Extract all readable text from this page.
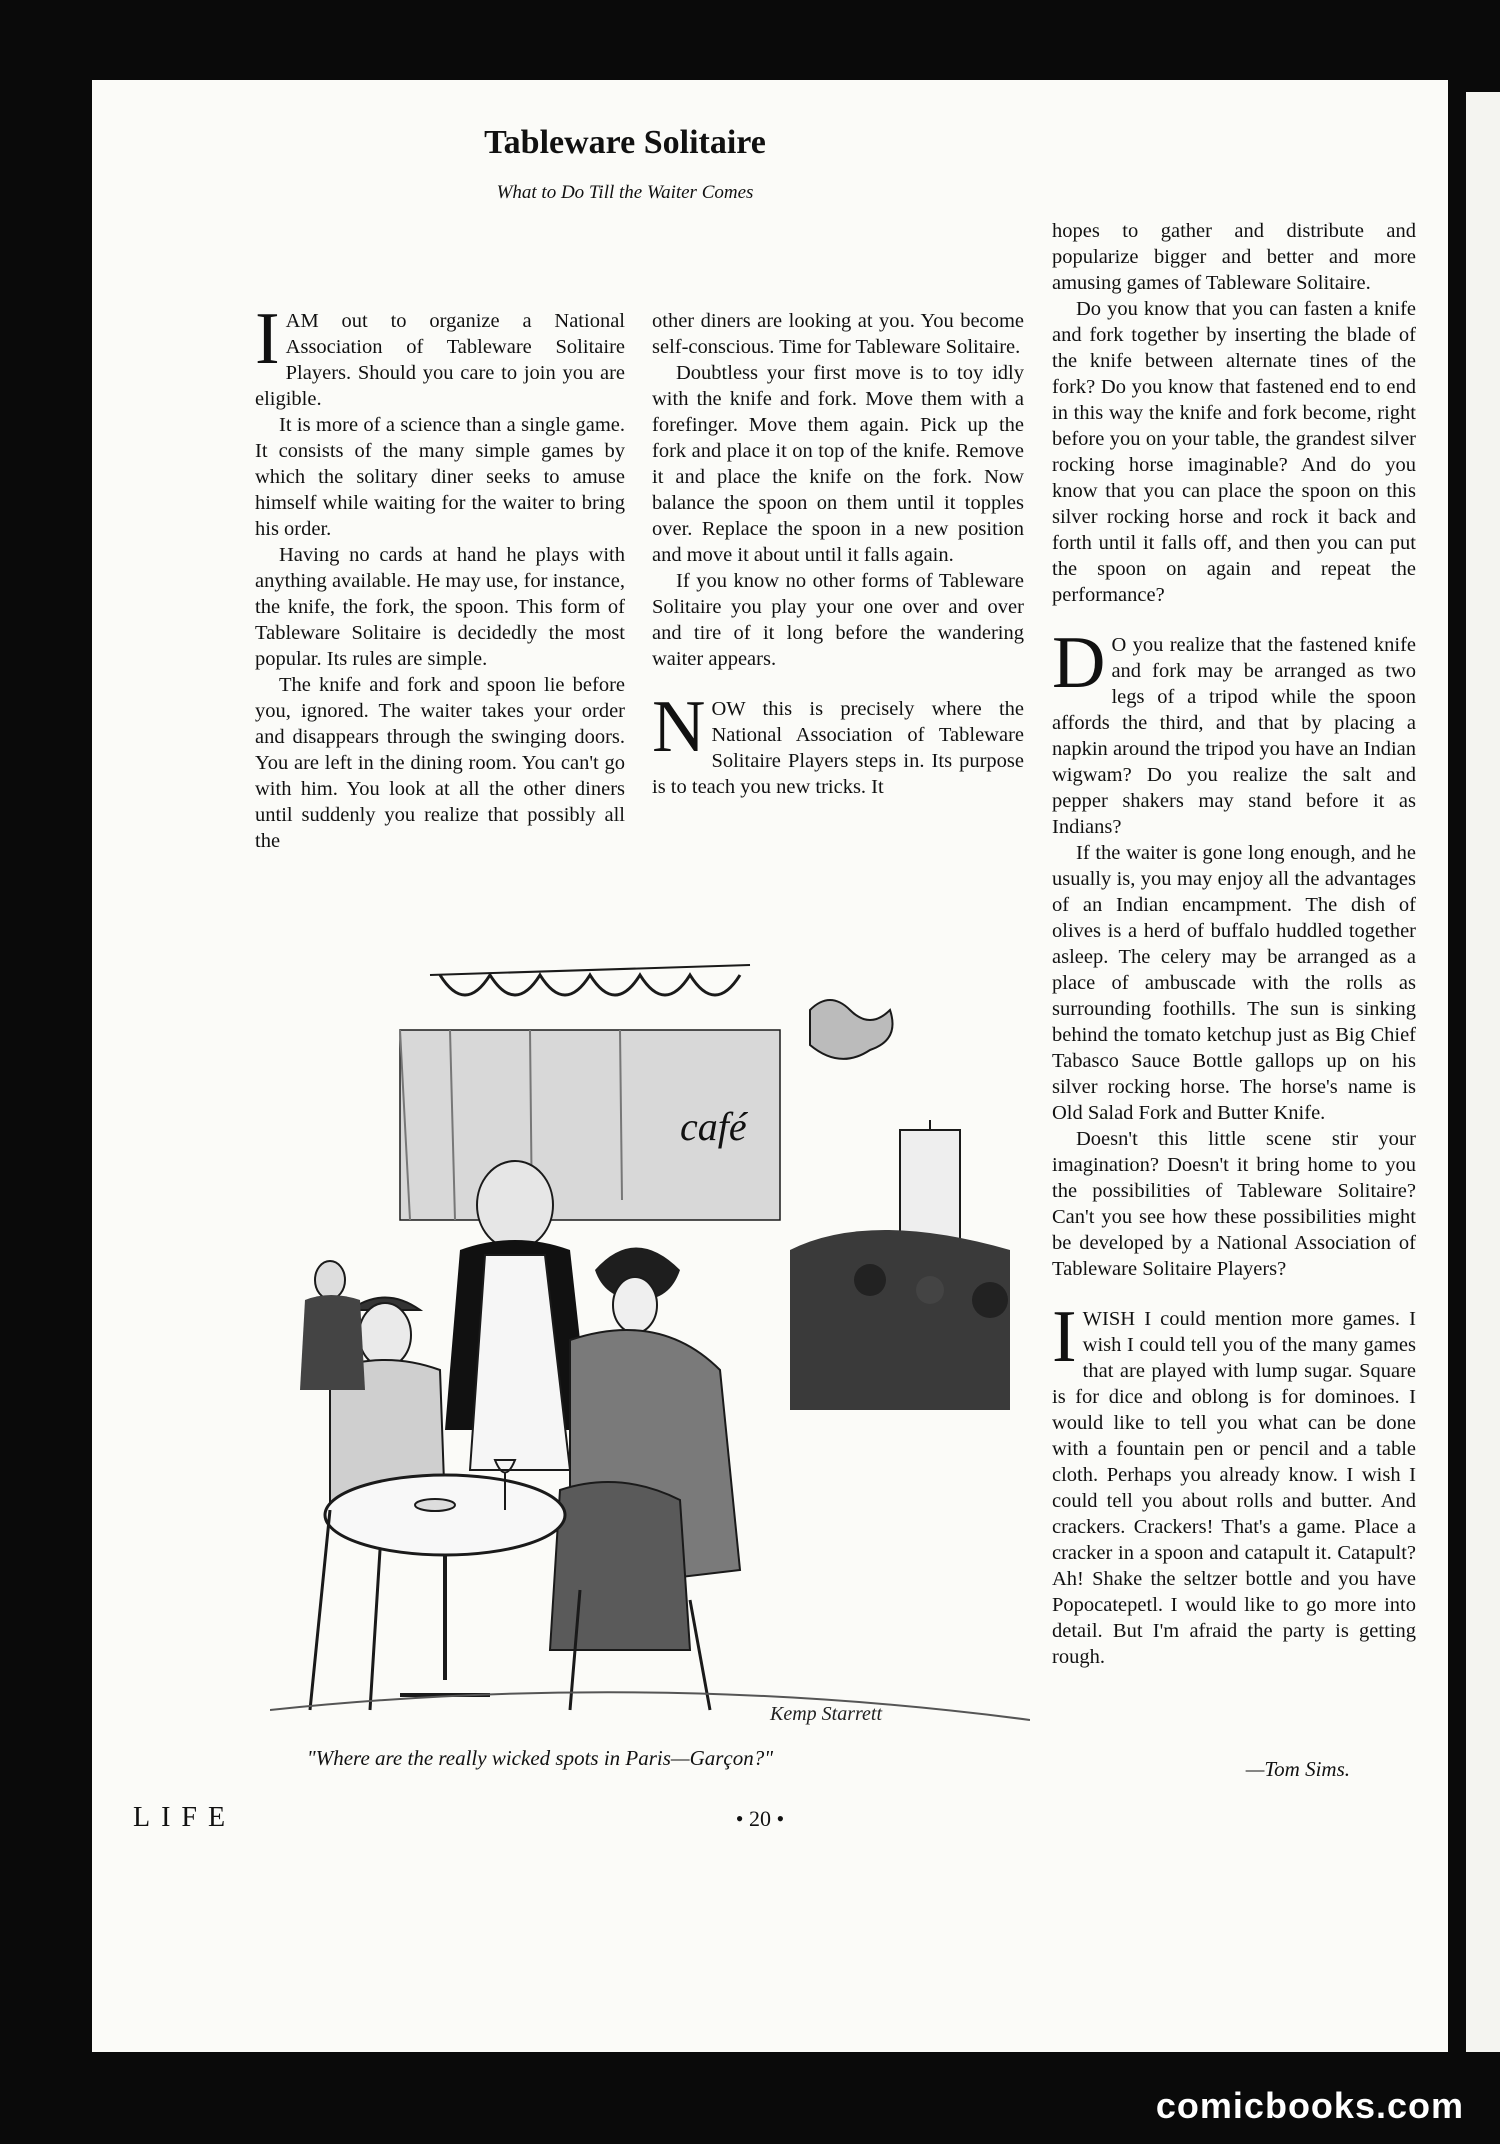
Tableware Solitaire
What to Do Till the Waiter Comes

IAM out to organize a National Association of Tableware Solitaire Players. Should you care to join you are eligible.

It is more of a science than a single game. It consists of the many simple games by which the solitary diner seeks to amuse himself while waiting for the waiter to bring his order.

Having no cards at hand he plays with anything available. He may use, for instance, the knife, the fork, the spoon. This form of Tableware Solitaire is decidedly the most popular. Its rules are simple.

The knife and fork and spoon lie before you, ignored. The waiter takes your order and disappears through the swinging doors. You are left in the dining room. You can't go with him. You look at all the other diners until suddenly you realize that possibly all the

other diners are looking at you. You become self-conscious. Time for Tableware Solitaire.

Doubtless your first move is to toy idly with the knife and fork. Move them with a forefinger. Move them again. Pick up the fork and place it on top of the knife. Remove it and place the knife on the fork. Now balance the spoon on them until it topples over. Replace the spoon in a new position and move it about until it falls again.

If you know no other forms of Tableware Solitaire you play your one over and over and tire of it long before the wandering waiter appears.

NOW this is precisely where the National Association of Tableware Solitaire Players steps in. Its purpose is to teach you new tricks. It

hopes to gather and distribute and popularize bigger and better and more amusing games of Tableware Solitaire.

Do you know that you can fasten a knife and fork together by inserting the blade of the knife between alternate tines of the fork? Do you know that fastened end to end in this way the knife and fork become, right before you on your table, the grandest silver rocking horse imaginable? And do you know that you can place the spoon on this silver rocking horse and rock it back and forth until it falls off, and then you can put the spoon on again and repeat the performance?

D O you realize that the fastened knife and fork may be arranged as two legs of a tripod while the spoon affords the third, and that by placing a napkin around the tripod you have an Indian wigwam? Do you realize the salt and pepper shakers may stand before it as Indians?

If the waiter is gone long enough, and he usually is, you may enjoy all the advantages of an Indian encampment. The dish of olives is a herd of buffalo huddled together asleep. The celery may be arranged as a place of ambuscade with the rolls as surrounding foothills. The sun is sinking behind the tomato ketchup just as Big Chief Tabasco Sauce Bottle gallops up on his silver rocking horse. The horse's name is Old Salad Fork and Butter Knife.

Doesn't this little scene stir your imagination? Doesn't it bring home to you the possibilities of Tableware Solitaire? Can't you see how these possibilities might be developed by a National Association of Tableware Solitaire Players?

IWISH I could mention more games. I wish I could tell you of the many games that are played with lump sugar. Square is for dice and oblong is for dominoes. I would like to tell you what can be done with a fountain pen or pencil and a table cloth. Perhaps you already know. I wish I could tell you about rolls and butter. And crackers. Crackers! That's a game. Place a cracker in a spoon and catapult it. Catapult? Ah! Shake the seltzer bottle and you have Popocatepetl. I would like to go more into detail. But I'm afraid the party is getting rough.

café
Kemp Starrett
"Where are the really wicked spots in Paris—Garçon?"	—Tom Sims.
LIFE	• 20 •
comicbooks.com
